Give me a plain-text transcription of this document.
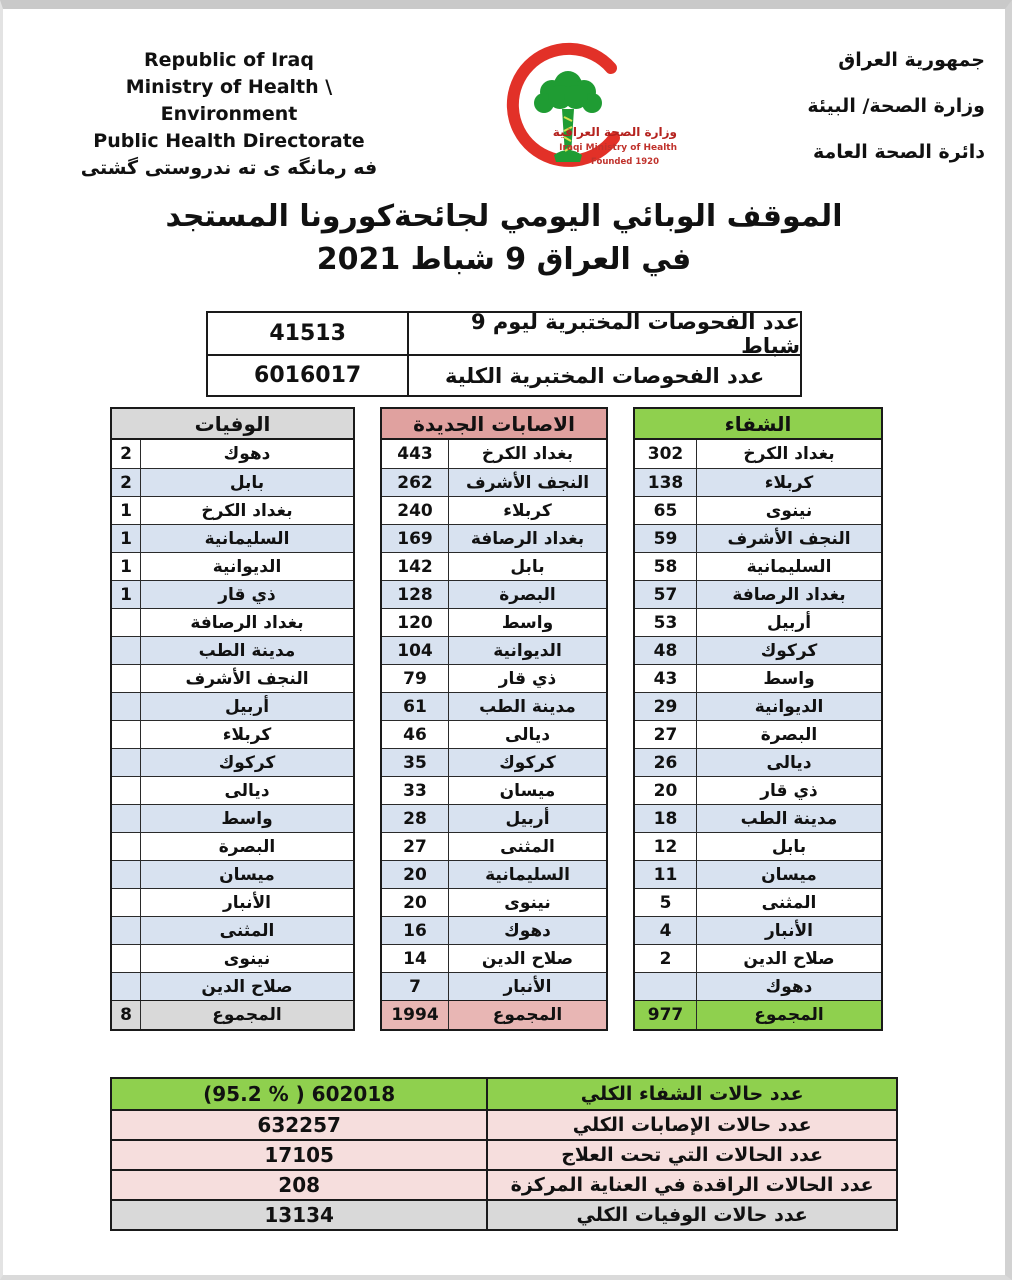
Republic of Iraq
Ministry of Health \ Environment
Public Health Directorate
فه رمانگه ی ته ندروستی گشتی
وزارة الصحة العراقية
Iraqi Ministry of Health
Founded 1920
جمهورية العراق
وزارة الصحة/ البيئة
دائرة الصحة العامة
الموقف الوبائي اليومي لجائحةكورونا المستجد
في العراق 9 شباط 2021
41513	عدد الفحوصات المختبرية ليوم 9 شباط
6016017	عدد الفحوصات المختبرية الكلية
الوفيات
2	دهوك
2	بابل
1	بغداد الكرخ
1	السليمانية
1	الديوانية
1	ذي قار
بغداد الرصافة
مدينة الطب
النجف الأشرف
أربيل
كربلاء
كركوك
ديالى
واسط
البصرة
ميسان
الأنبار
المثنى
نينوى
صلاح الدين
8	المجموع
الاصابات الجديدة
443	بغداد الكرخ
262	النجف الأشرف
240	كربلاء
169	بغداد الرصافة
142	بابل
128	البصرة
120	واسط
104	الديوانية
79	ذي قار
61	مدينة الطب
46	ديالى
35	كركوك
33	ميسان
28	أربيل
27	المثنى
20	السليمانية
20	نينوى
16	دهوك
14	صلاح الدين
7	الأنبار
1994	المجموع
الشفاء
302	بغداد الكرخ
138	كربلاء
65	نينوى
59	النجف الأشرف
58	السليمانية
57	بغداد الرصافة
53	أربيل
48	كركوك
43	واسط
29	الديوانية
27	البصرة
26	ديالى
20	ذي قار
18	مدينة الطب
12	بابل
11	ميسان
5	المثنى
4	الأنبار
2	صلاح الدين
دهوك
977	المجموع
(95.2 % ) 602018	عدد حالات الشفاء الكلي
632257	عدد حالات الإصابات الكلي
17105	عدد الحالات التي تحت العلاج
208	عدد الحالات الراقدة في العناية المركزة
13134	عدد حالات الوفيات الكلي
